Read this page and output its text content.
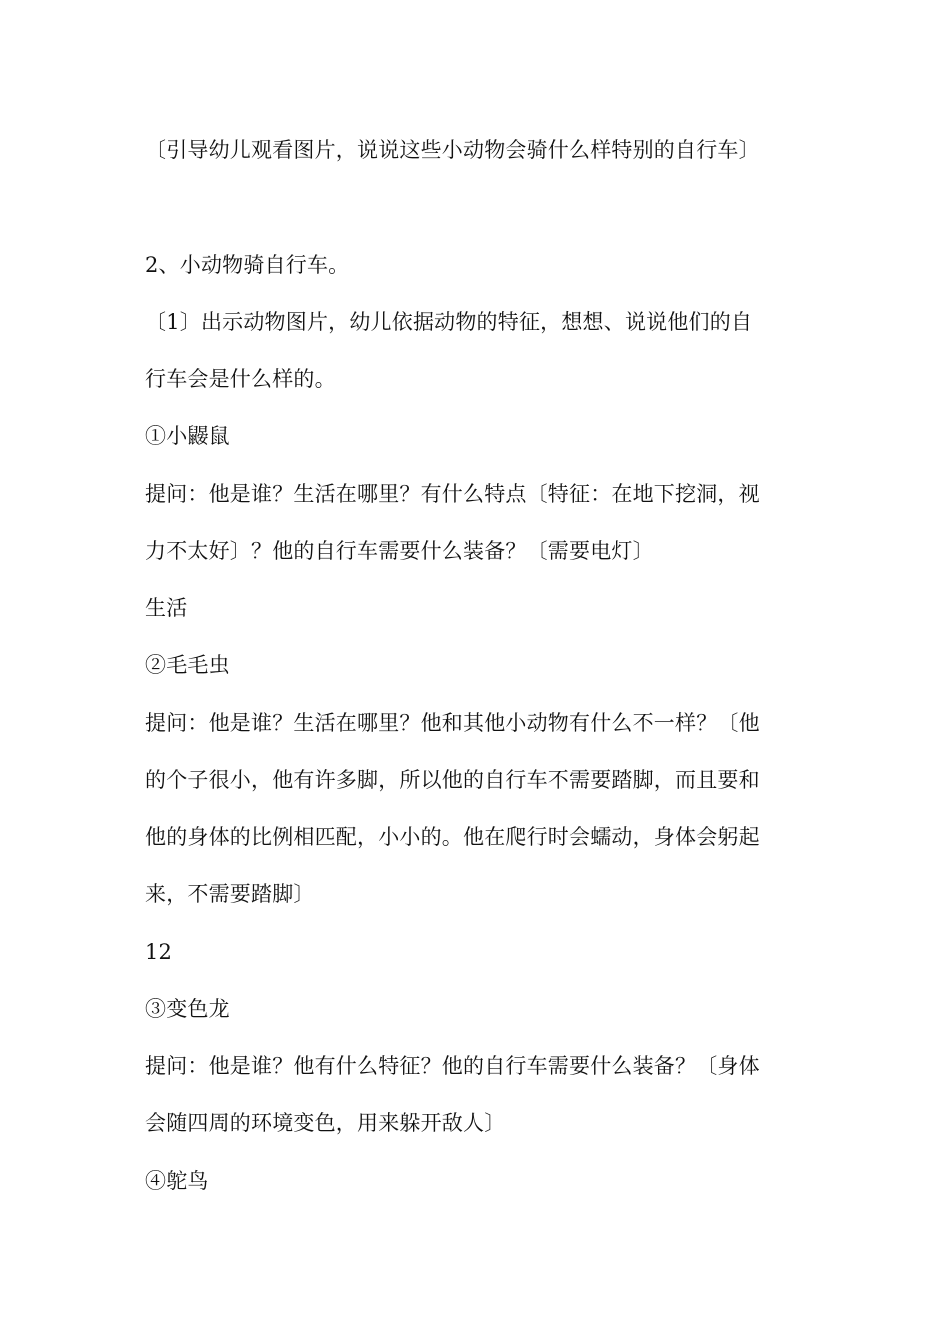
〔引导幼儿观看图片，说说这些小动物会骑什么样特别的自行车〕
2、小动物骑自行车。
〔1〕出示动物图片，幼儿依据动物的特征，想想、说说他们的自
行车会是什么样的。
①小鼹鼠
提问：他是谁？生活在哪里？有什么特点〔特征：在地下挖洞，视
力不太好〕？他的自行车需要什么装备？〔需要电灯〕
生活
②毛毛虫
提问：他是谁？生活在哪里？他和其他小动物有什么不一样？〔他
的个子很小，他有许多脚，所以他的自行车不需要踏脚，而且要和
他的身体的比例相匹配，小小的。他在爬行时会蠕动，身体会躬起
来，不需要踏脚〕
12
③变色龙
提问：他是谁？他有什么特征？他的自行车需要什么装备？〔身体
会随四周的环境变色，用来躲开敌人〕
④鸵鸟
